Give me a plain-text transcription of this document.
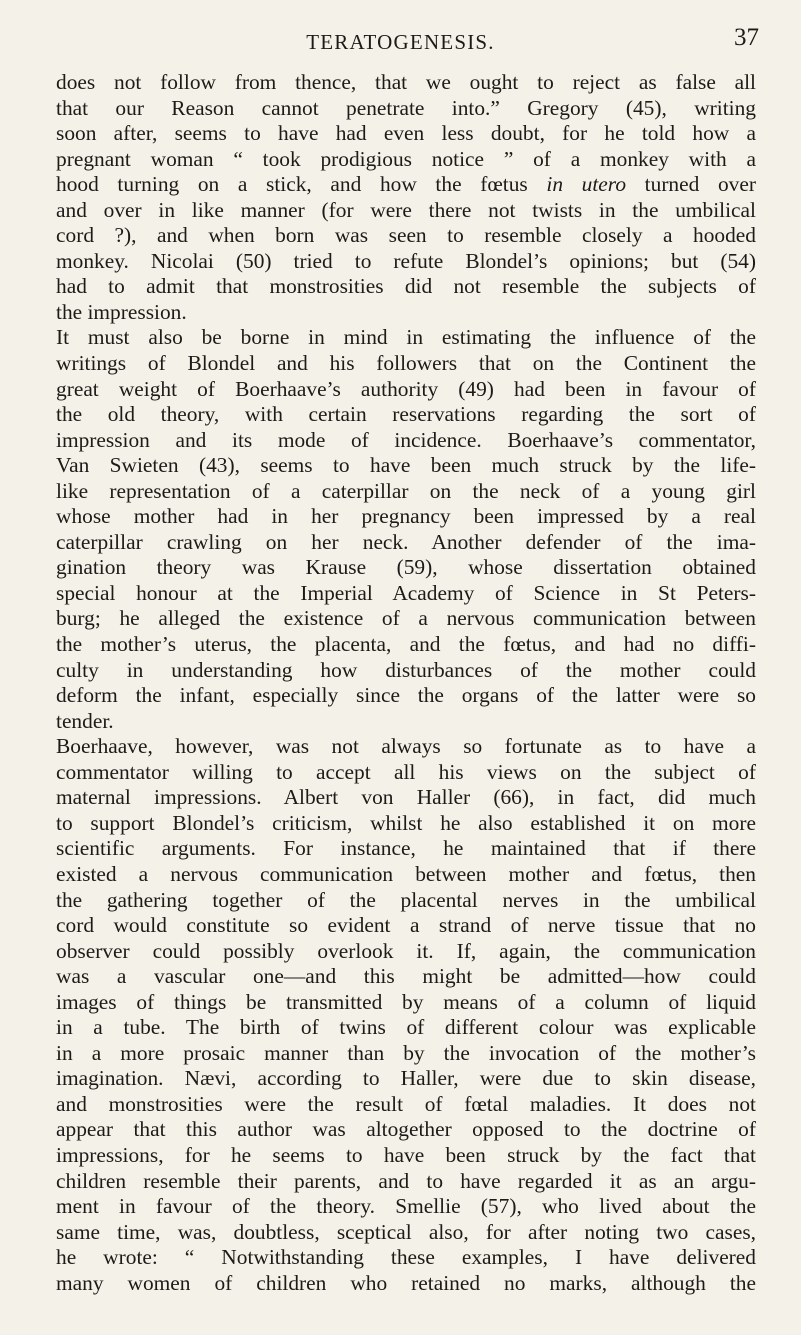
TERATOGENESIS.	37
does not follow from thence, that we ought to reject as false all
that our Reason cannot penetrate into.” Gregory (45), writing
soon after, seems to have had even less doubt, for he told how a
pregnant woman “ took prodigious notice ” of a monkey with a
hood turning on a stick, and how the fœtus in utero turned over
and over in like manner (for were there not twists in the umbilical
cord ?), and when born was seen to resemble closely a hooded
monkey. Nicolai (50) tried to refute Blondel’s opinions; but (54)
had to admit that monstrosities did not resemble the subjects of
the impression.
It must also be borne in mind in estimating the influence of the
writings of Blondel and his followers that on the Continent the
great weight of Boerhaave’s authority (49) had been in favour of
the old theory, with certain reservations regarding the sort of
impression and its mode of incidence. Boerhaave’s commentator,
Van Swieten (43), seems to have been much struck by the life-
like representation of a caterpillar on the neck of a young girl
whose mother had in her pregnancy been impressed by a real
caterpillar crawling on her neck. Another defender of the ima-
gination theory was Krause (59), whose dissertation obtained
special honour at the Imperial Academy of Science in St Peters-
burg; he alleged the existence of a nervous communication between
the mother’s uterus, the placenta, and the fœtus, and had no diffi-
culty in understanding how disturbances of the mother could
deform the infant, especially since the organs of the latter were so
tender.
Boerhaave, however, was not always so fortunate as to have a
commentator willing to accept all his views on the subject of
maternal impressions. Albert von Haller (66), in fact, did much
to support Blondel’s criticism, whilst he also established it on more
scientific arguments. For instance, he maintained that if there
existed a nervous communication between mother and fœtus, then
the gathering together of the placental nerves in the umbilical
cord would constitute so evident a strand of nerve tissue that no
observer could possibly overlook it. If, again, the communication
was a vascular one—and this might be admitted—how could
images of things be transmitted by means of a column of liquid
in a tube. The birth of twins of different colour was explicable
in a more prosaic manner than by the invocation of the mother’s
imagination. Nævi, according to Haller, were due to skin disease,
and monstrosities were the result of fœtal maladies. It does not
appear that this author was altogether opposed to the doctrine of
impressions, for he seems to have been struck by the fact that
children resemble their parents, and to have regarded it as an argu-
ment in favour of the theory. Smellie (57), who lived about the
same time, was, doubtless, sceptical also, for after noting two cases,
he wrote: “ Notwithstanding these examples, I have delivered
many women of children who retained no marks, although the
